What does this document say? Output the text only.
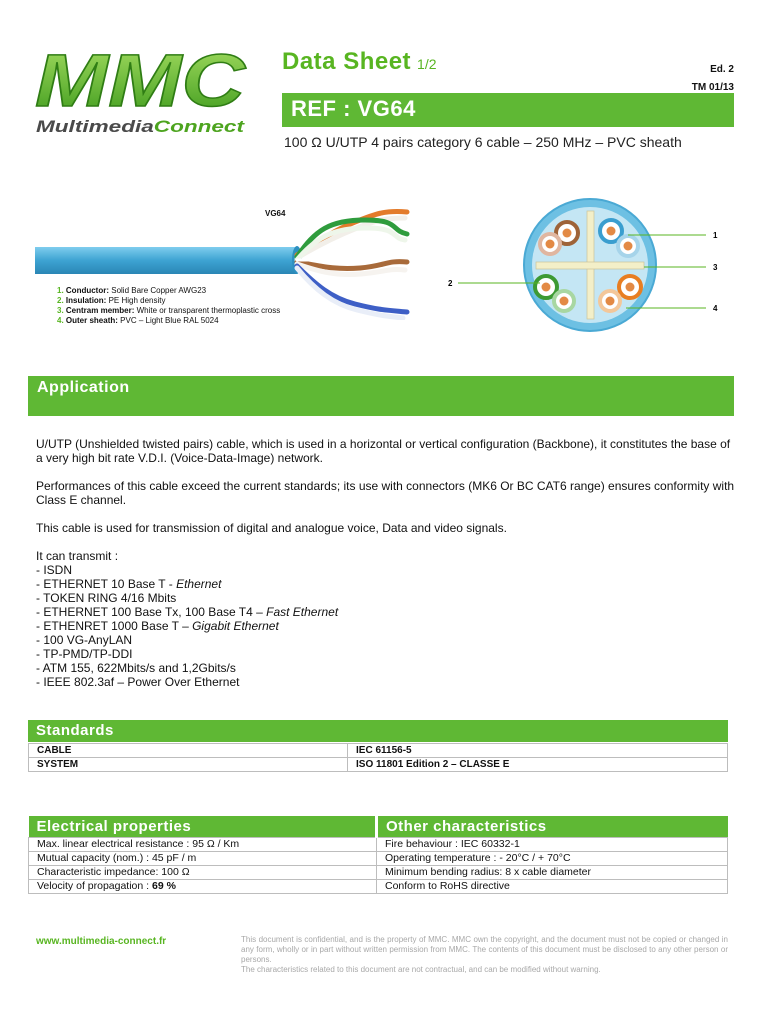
MMC
Multimedia Connect
Data Sheet 1/2	Ed. 2
TM 01/13
REF : VG64
100 Ω U/UTP 4 pairs category 6 cable – 250 MHz – PVC sheath
VG64
1. Conductor: Solid Bare Copper AWG23
2. Insulation: PE High density
3. Centram member: White or transparent thermoplastic cross
4. Outer sheath: PVC – Light Blue RAL 5024
1
3
2
4
Application

U/UTP (Unshielded twisted pairs) cable, which is used in a horizontal or vertical configuration (Backbone), it constitutes the base of a very high bit rate V.D.I. (Voice-Data-Image) network.

Performances of this cable exceed the current standards; its use with connectors (MK6 Or BC CAT6 range) ensures conformity with Class E channel.

This cable is used for transmission of digital and analogue voice, Data and video signals.

It can transmit :
- ISDN
- ETHERNET 10 Base T - Ethernet
- TOKEN RING 4/16 Mbits
- ETHERNET 100 Base Tx, 100 Base T4 – Fast Ethernet
- ETHENRET 1000 Base T – Gigabit Ethernet
- 100 VG-AnyLAN
- TP-PMD/TP-DDI
- ATM 155, 622Mbits/s and 1,2Gbits/s
- IEEE 802.3af – Power Over Ethernet
Standards
CABLE	IEC 61156-5
SYSTEM	ISO 11801 Edition 2 – CLASSE E
Electrical properties	Other characteristics
Max. linear electrical resistance : 95 Ω / Km	Fire behaviour : IEC 60332-1
Mutual capacity (nom.) : 45 pF / m	Operating temperature : - 20°C / + 70°C
Characteristic impedance: 100 Ω	Minimum bending radius: 8 x cable diameter
Velocity of propagation : 69 %	Conform to RoHS directive
www.multimedia-connect.fr	This document is confidential, and is the property of MMC. MMC own the copyright, and the document must not be copied or changed in any form, wholly or in part without written permission from MMC. The contents of this document must be disclosed to any other person or persons.
The characteristics related to this document are not contractual, and can be modified without warning.
